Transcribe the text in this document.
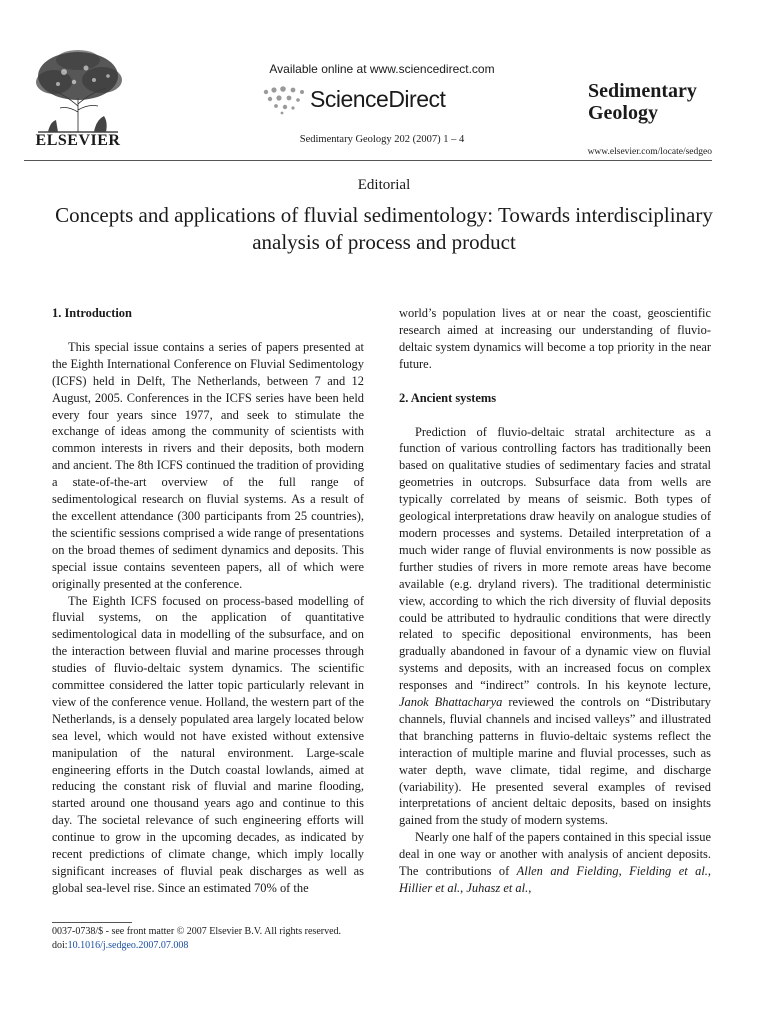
ELSEVIER
Available online at www.sciencedirect.com
ScienceDirect
Sedimentary Geology 202 (2007) 1 – 4
Sedimentary Geology
www.elsevier.com/locate/sedgeo
Editorial
Concepts and applications of fluvial sedimentology: Towards interdisciplinary analysis of process and product
1. Introduction

This special issue contains a series of papers presented at the Eighth International Conference on Fluvial Sedimentology (ICFS) held in Delft, The Netherlands, between 7 and 12 August, 2005. Conferences in the ICFS series have been held every four years since 1977, and seek to stimulate the exchange of ideas among the community of scientists with common interests in rivers and their deposits, both modern and ancient. The 8th ICFS continued the tradition of providing a state-of-the-art overview of the full range of sedimentological research on fluvial systems. As a result of the excellent attendance (300 participants from 25 countries), the scientific sessions comprised a wide range of presentations on the broad themes of sediment dynamics and deposits. This special issue contains seventeen papers, all of which were originally presented at the conference.

The Eighth ICFS focused on process-based modelling of fluvial systems, on the application of quantitative sedimentological data in modelling of the subsurface, and on the interaction between fluvial and marine processes through studies of fluvio-deltaic system dynamics. The scientific committee considered the latter topic particularly relevant in view of the conference venue. Holland, the western part of the Netherlands, is a densely populated area largely located below sea level, which would not have existed without extensive manipulation of the natural environment. Large-scale engineering efforts in the Dutch coastal lowlands, aimed at reducing the constant risk of fluvial and marine flooding, started around one thousand years ago and continue to this day. The societal relevance of such engineering efforts will continue to grow in the upcoming decades, as indicated by recent predictions of climate change, which imply locally significant increases of fluvial peak discharges as well as global sea-level rise. Since an estimated 70% of the

world’s population lives at or near the coast, geoscientific research aimed at increasing our understanding of fluvio-deltaic system dynamics will become a top priority in the near future.

2. Ancient systems

Prediction of fluvio-deltaic stratal architecture as a function of various controlling factors has traditionally been based on qualitative studies of sedimentary facies and stratal geometries in outcrops. Subsurface data from wells are typically correlated by means of seismic. Both types of geological interpretations draw heavily on analogue studies of modern processes and systems. Detailed interpretation of a much wider range of fluvial environments is now possible as further studies of rivers in more remote areas have become available (e.g. dryland rivers). The traditional deterministic view, according to which the rich diversity of fluvial deposits could be attributed to hydraulic conditions that were directly related to specific depositional environments, has been gradually abandoned in favour of a dynamic view on fluvial systems and deposits, with an increased focus on complex responses and “indirect” controls. In his keynote lecture, Janok Bhattacharya reviewed the controls on “Distributary channels, fluvial channels and incised valleys” and illustrated that branching patterns in fluvio-deltaic systems reflect the interaction of multiple marine and fluvial processes, such as water depth, wave climate, tidal regime, and discharge (variability). He presented several examples of revised interpretations of ancient deltaic deposits, based on insights gained from the study of modern systems.

Nearly one half of the papers contained in this special issue deal in one way or another with analysis of ancient deposits. The contributions of Allen and Fielding, Fielding et al., Hillier et al., Juhasz et al.,

0037-0738/$ - see front matter © 2007 Elsevier B.V. All rights reserved.
doi:10.1016/j.sedgeo.2007.07.008
